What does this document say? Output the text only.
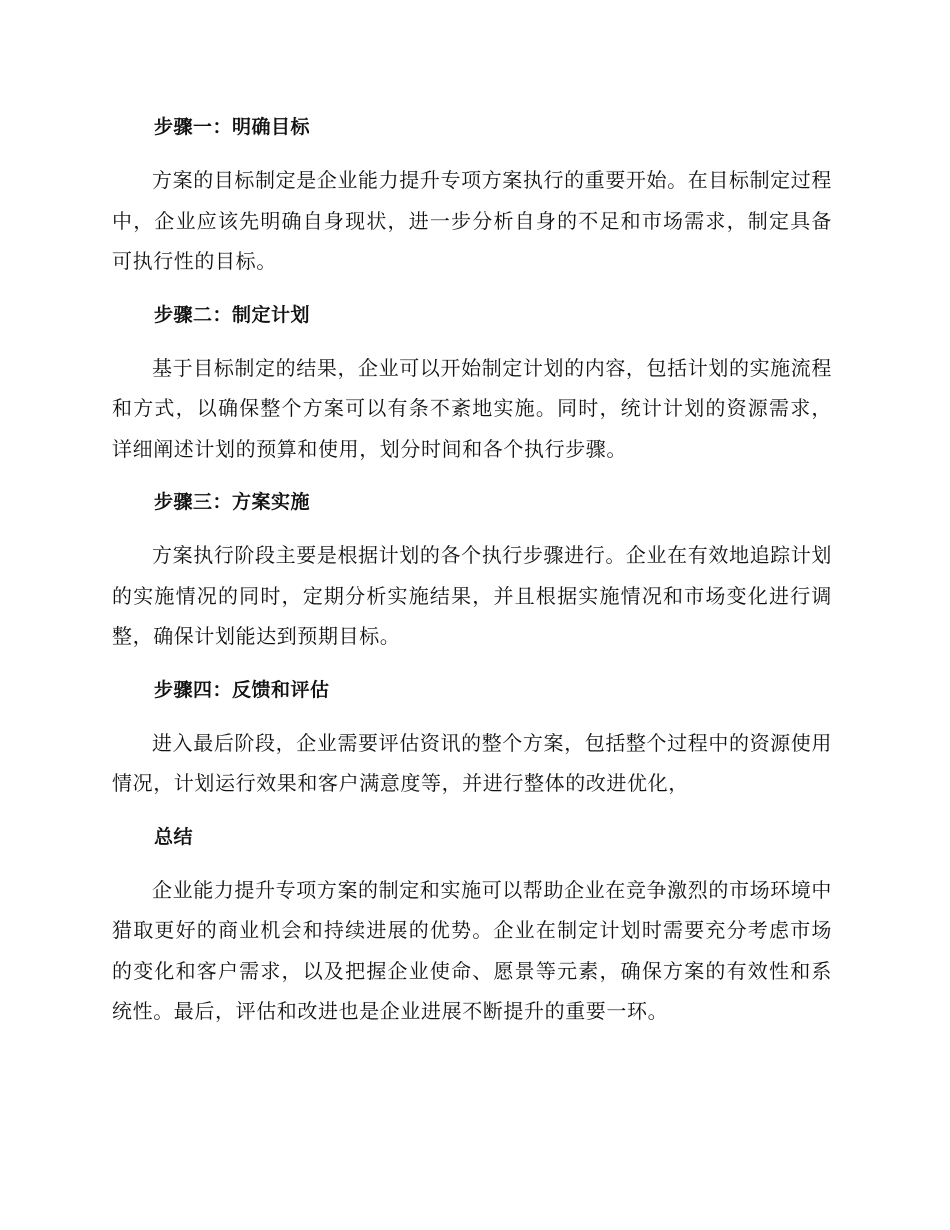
步骤一：明确目标

方案的目标制定是企业能力提升专项方案执行的重要开始。在目标制定过程中，企业应该先明确自身现状，进一步分析自身的不足和市场需求，制定具备可执行性的目标。

步骤二：制定计划

基于目标制定的结果，企业可以开始制定计划的内容，包括计划的实施流程和方式，以确保整个方案可以有条不紊地实施。同时，统计计划的资源需求，详细阐述计划的预算和使用，划分时间和各个执行步骤。

步骤三：方案实施

方案执行阶段主要是根据计划的各个执行步骤进行。企业在有效地追踪计划的实施情况的同时，定期分析实施结果，并且根据实施情况和市场变化进行调整，确保计划能达到预期目标。

步骤四：反馈和评估

进入最后阶段，企业需要评估资讯的整个方案，包括整个过程中的资源使用情况，计划运行效果和客户满意度等，并进行整体的改进优化，

总结

企业能力提升专项方案的制定和实施可以帮助企业在竞争激烈的市场环境中猎取更好的商业机会和持续进展的优势。企业在制定计划时需要充分考虑市场的变化和客户需求，以及把握企业使命、愿景等元素，确保方案的有效性和系统性。最后，评估和改进也是企业进展不断提升的重要一环。
